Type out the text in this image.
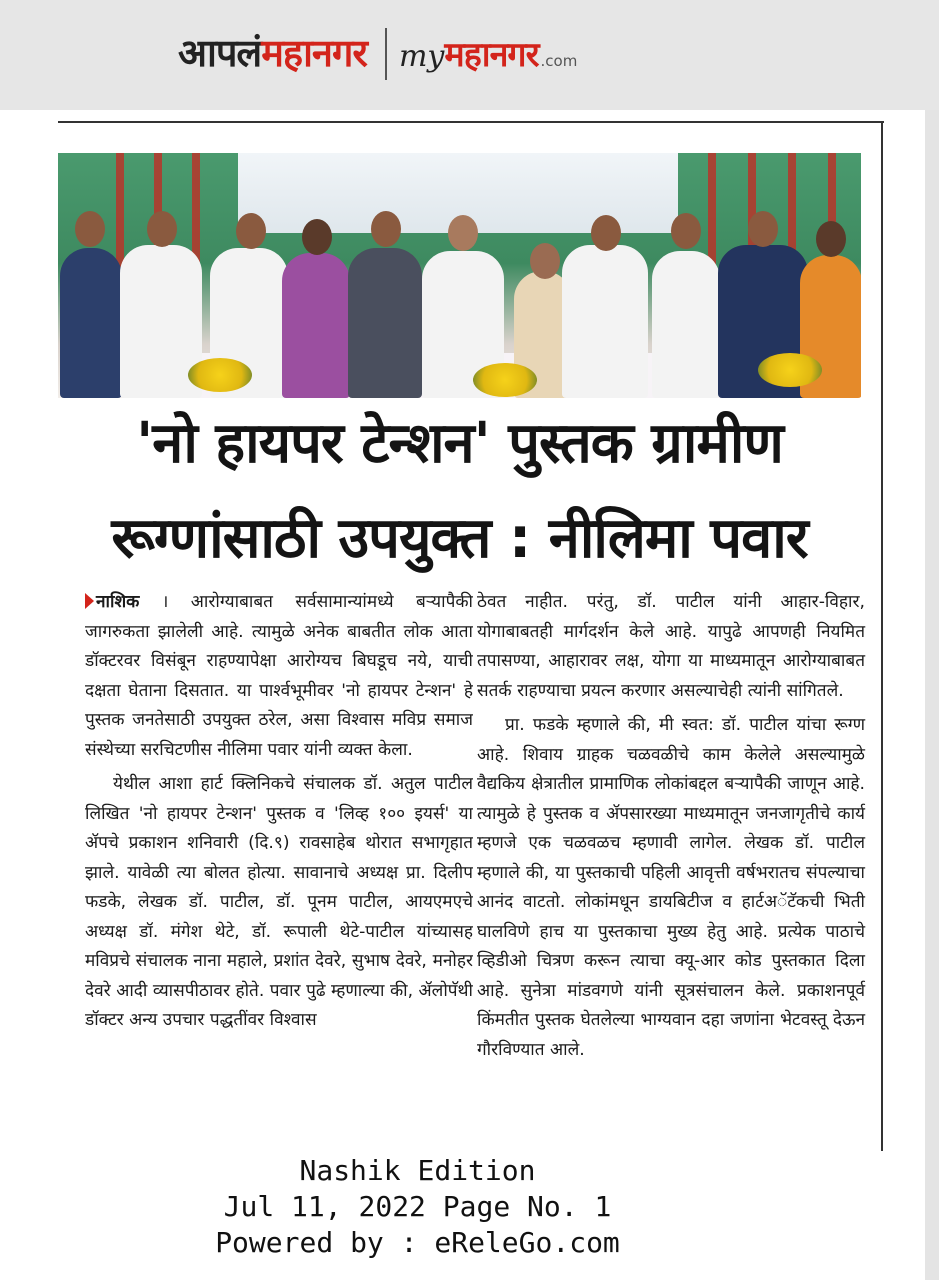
आपलं महानगर my महानगर .com
'नो हायपर टेन्शन' पुस्तक ग्रामीण
रूग्णांसाठी उपयुक्त : नीलिमा पवार

नाशिक । आरोग्याबाबत सर्वसामान्यांमध्ये बऱ्यापैकी जागरुकता झालेली आहे. त्यामुळे अनेक बाबतीत लोक आता डॉक्टरवर विसंबून राहण्यापेक्षा आरोग्यच बिघडूच नये, याची दक्षता घेताना दिसतात. या पार्श्वभूमीवर 'नो हायपर टेन्शन' हे पुस्तक जनतेसाठी उपयुक्त ठरेल, असा विश्वास मविप्र समाज संस्थेच्या सरचिटणीस नीलिमा पवार यांनी व्यक्त केला.

येथील आशा हार्ट क्लिनिकचे संचालक डॉ. अतुल पाटील लिखित 'नो हायपर टेन्शन' पुस्तक व 'लिव्ह १०० इयर्स' या ॲपचे प्रकाशन शनिवारी (दि.९) रावसाहेब थोरात सभागृहात झाले. यावेळी त्या बोलत होत्या. सावानाचे अध्यक्ष प्रा. दिलीप फडके, लेखक डॉ. पाटील, डॉ. पूनम पाटील, आयएमएचे अध्यक्ष डॉ. मंगेश थेटे, डॉ. रूपाली थेटे-पाटील यांच्यासह मविप्रचे संचालक नाना महाले, प्रशांत देवरे, सुभाष देवरे, मनोहर देवरे आदी व्यासपीठावर होते. पवार पुढे म्हणाल्या की, ॲलोपॅथी डॉक्टर अन्य उपचार पद्धतींवर विश्वास

ठेवत नाहीत. परंतु, डॉ. पाटील यांनी आहार-विहार, योगाबाबतही मार्गदर्शन केले आहे. यापुढे आपणही नियमित तपासण्या, आहारावर लक्ष, योगा या माध्यमातून आरोग्याबाबत सतर्क राहण्याचा प्रयत्न करणार असल्याचेही त्यांनी सांगितले.

प्रा. फडके म्हणाले की, मी स्वत: डॉ. पाटील यांचा रूग्ण आहे. शिवाय ग्राहक चळवळीचे काम केलेले असल्यामुळे वैद्यकिय क्षेत्रातील प्रामाणिक लोकांबद्दल बऱ्यापैकी जाणून आहे. त्यामुळे हे पुस्तक व ॲपसारख्या माध्यमातून जनजागृतीचे कार्य म्हणजे एक चळवळच म्हणावी लागेल. लेखक डॉ. पाटील म्हणाले की, या पुस्तकाची पहिली आवृत्ती वर्षभरातच संपल्याचा आनंद वाटतो. लोकांमधून डायबिटीज व हार्टअॅटॅकची भिती घालविणे हाच या पुस्तकाचा मुख्य हेतु आहे. प्रत्येक पाठाचे व्हिडीओ चित्रण करून त्याचा क्यू-आर कोड पुस्तकात दिला आहे. सुनेत्रा मांडवगणे यांनी सूत्रसंचालन केले. प्रकाशनपूर्व किंमतीत पुस्तक घेतलेल्या भाग्यवान दहा जणांना भेटवस्तू देऊन गौरविण्यात आले.

Nashik Edition
Jul 11, 2022 Page No. 1
Powered by : eReleGo.com
